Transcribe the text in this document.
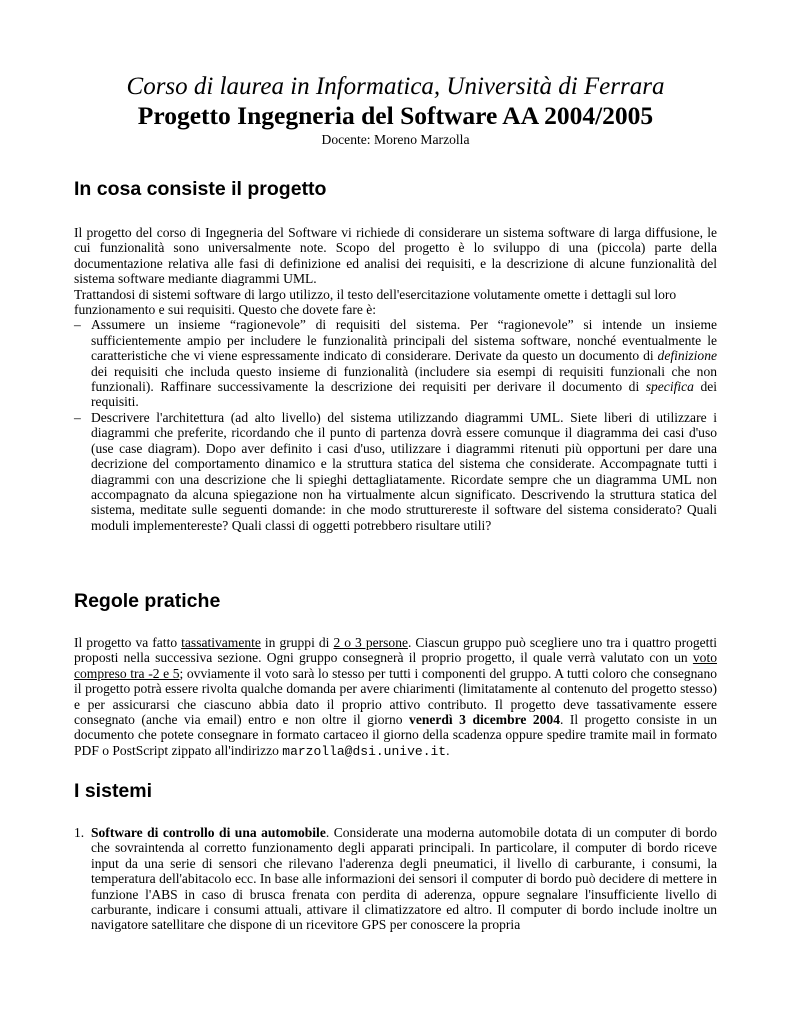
Corso di laurea in Informatica, Università di Ferrara
Progetto Ingegneria del Software AA 2004/2005
Docente: Moreno Marzolla
In cosa consiste il progetto

Il progetto del corso di Ingegneria del Software vi richiede di considerare un sistema software di larga diffusione, le cui funzionalità sono universalmente note. Scopo del progetto è lo sviluppo di una (piccola) parte della documentazione relativa alle fasi di definizione ed analisi dei requisiti, e la descrizione di alcune funzionalità del sistema software mediante diagrammi UML.

Trattandosi di sistemi software di largo utilizzo, il testo dell'esercitazione volutamente omette i dettagli sul loro funzionamento e sui requisiti. Questo che dovete fare è:

– Assumere un insieme “ragionevole” di requisiti del sistema. Per “ragionevole” si intende un insieme sufficientemente ampio per includere le funzionalità principali del sistema software, nonché eventualmente le caratteristiche che vi viene espressamente indicato di considerare. Derivate da questo un documento di definizione dei requisiti che includa questo insieme di funzionalità (includere sia esempi di requisiti funzionali che non funzionali). Raffinare successivamente la descrizione dei requisiti per derivare il documento di specifica dei requisiti.
– Descrivere l'architettura (ad alto livello) del sistema utilizzando diagrammi UML. Siete liberi di utilizzare i diagrammi che preferite, ricordando che il punto di partenza dovrà essere comunque il diagramma dei casi d'uso (use case diagram). Dopo aver definito i casi d'uso, utilizzare i diagrammi ritenuti più opportuni per dare una decrizione del comportamento dinamico e la struttura statica del sistema che considerate. Accompagnate tutti i diagrammi con una descrizione che li spieghi dettagliatamente. Ricordate sempre che un diagramma UML non accompagnato da alcuna spiegazione non ha virtualmente alcun significato. Descrivendo la struttura statica del sistema, meditate sulle seguenti domande: in che modo strutturereste il software del sistema considerato? Quali moduli implementereste? Quali classi di oggetti potrebbero risultare utili?
Regole pratiche

Il progetto va fatto tassativamente in gruppi di 2 o 3 persone. Ciascun gruppo può scegliere uno tra i quattro progetti proposti nella successiva sezione. Ogni gruppo consegnerà il proprio progetto, il quale verrà valutato con un voto compreso tra -2 e 5; ovviamente il voto sarà lo stesso per tutti i componenti del gruppo. A tutti coloro che consegnano il progetto potrà essere rivolta qualche domanda per avere chiarimenti (limitatamente al contenuto del progetto stesso) e per assicurarsi che ciascuno abbia dato il proprio attivo contributo. Il progetto deve tassativamente essere consegnato (anche via email) entro e non oltre il giorno venerdì 3 dicembre 2004. Il progetto consiste in un documento che potete consegnare in formato cartaceo il giorno della scadenza oppure spedire tramite mail in formato PDF o PostScript zippato all'indirizzo marzolla@dsi.unive.it.

I sistemi
1. Software di controllo di una automobile. Considerate una moderna automobile dotata di un computer di bordo che sovraintenda al corretto funzionamento degli apparati principali. In particolare, il computer di bordo riceve input da una serie di sensori che rilevano l'aderenza degli pneumatici, il livello di carburante, i consumi, la temperatura dell'abitacolo ecc. In base alle informazioni dei sensori il computer di bordo può decidere di mettere in funzione l'ABS in caso di brusca frenata con perdita di aderenza, oppure segnalare l'insufficiente livello di carburante, indicare i consumi attuali, attivare il climatizzatore ed altro. Il computer di bordo include inoltre un navigatore satellitare che dispone di un ricevitore GPS per conoscere la propria
